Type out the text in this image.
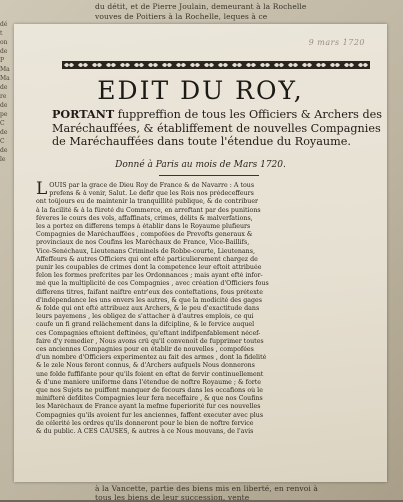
du détit, et de Pierre Joulain, demeurant à la Rochelle
vouves de Poitiers à la Rochelle, leques à ce
à la Vancette, partie des biens mis en liberté, en renvoi à
tous les biens de leur succession, vente
dé
t
on
de
P
Ma
Ma
de
re
de
pe
C
de
C
de
le
9 mars 1720
EDIT DU ROY,
PORTANT fuppreffion de tous les Officiers & Archers des Maréchauffées, & établiffement de nouvelles Compagnies de Maréchauffées dans toute l'étendue du Royaume.
Donné à Paris au mois de Mars 1720.
L OUIS par la grace de Dieu Roy de France & de Navarre : A tous
prefens & à venir, Salut. Le defir que les Rois nos prédeceffeurs
ont toûjours eu de maintenir la tranquillité publique, & de contribuer
à la facilité & à la fûreté du Commerce, en arreftant par des punitions
féveres le cours des vols, affaffinats, crimes, délits & malverfations,
les a portez en differens temps à établir dans le Royaume plufieurs
Compagnies de Maréchauffées , compofées de Prevofts generaux &
provinciaux de nos Coufins les Maréchaux de France, Vice-Baillifs,
Vice-Senéchaux, Lieutenans Criminels de Robbe-courte, Lieutenans,
Affeffeurs & autres Officiers qui ont efté particulierement chargez de
punir les coupables de crimes dont la competence leur eftoit attribuée
felon les formes prefcrites par les Ordonnances ; mais ayant efté infor-
mé que la multiplicité de ces Compagnies , avec création d'Officiers fous
differens titres, faifant naiftre entr'eux des conteftations, fous prétexte
d'indépendance les uns envers les autres, & que la modicité des gages
& folde qui ont efté attribuez aux Archers, & le peu d'exactitude dans
leurs payemens , les obligez de s'attacher à d'autres emplois, ce qui
caufe un fi grand relâchement dans la difcipline, & le fervice auquel
ces Compagnies eftoient deftinées, qu'eftant indifpenfablement nécef-
faire d'y remedier , Nous avons crû qu'il convenoit de fupprimer toutes
ces anciennes Compagnies pour en établir de nouvelles , compofées
d'un nombre d'Officiers experimentez au fait des armes , dont la fidelité
& le zele Nous feront connus, & d'Archers aufquels Nous donnerons
une folde fuffifante pour qu'ils foient en eftat de fervir continuellement
& d'une maniere uniforme dans l'étendue de noftre Royaume ; & forte
que nos Sujets ne puiffent manquer de fecours dans les occafions où le
minifteré defdites Compagnies leur fera neceffaire , & que nos Coufins
les Maréchaux de France ayant la mefme fuperiorité fur ces nouvelles
Compagnies qu'ils avoient fur les anciennes, faffent executer avec plus
de célerité les ordres qu'ils donneront pour le bien de noftre fervice
& du public. A CES CAUSES, & autres à ce Nous mouvans, de l'avis
